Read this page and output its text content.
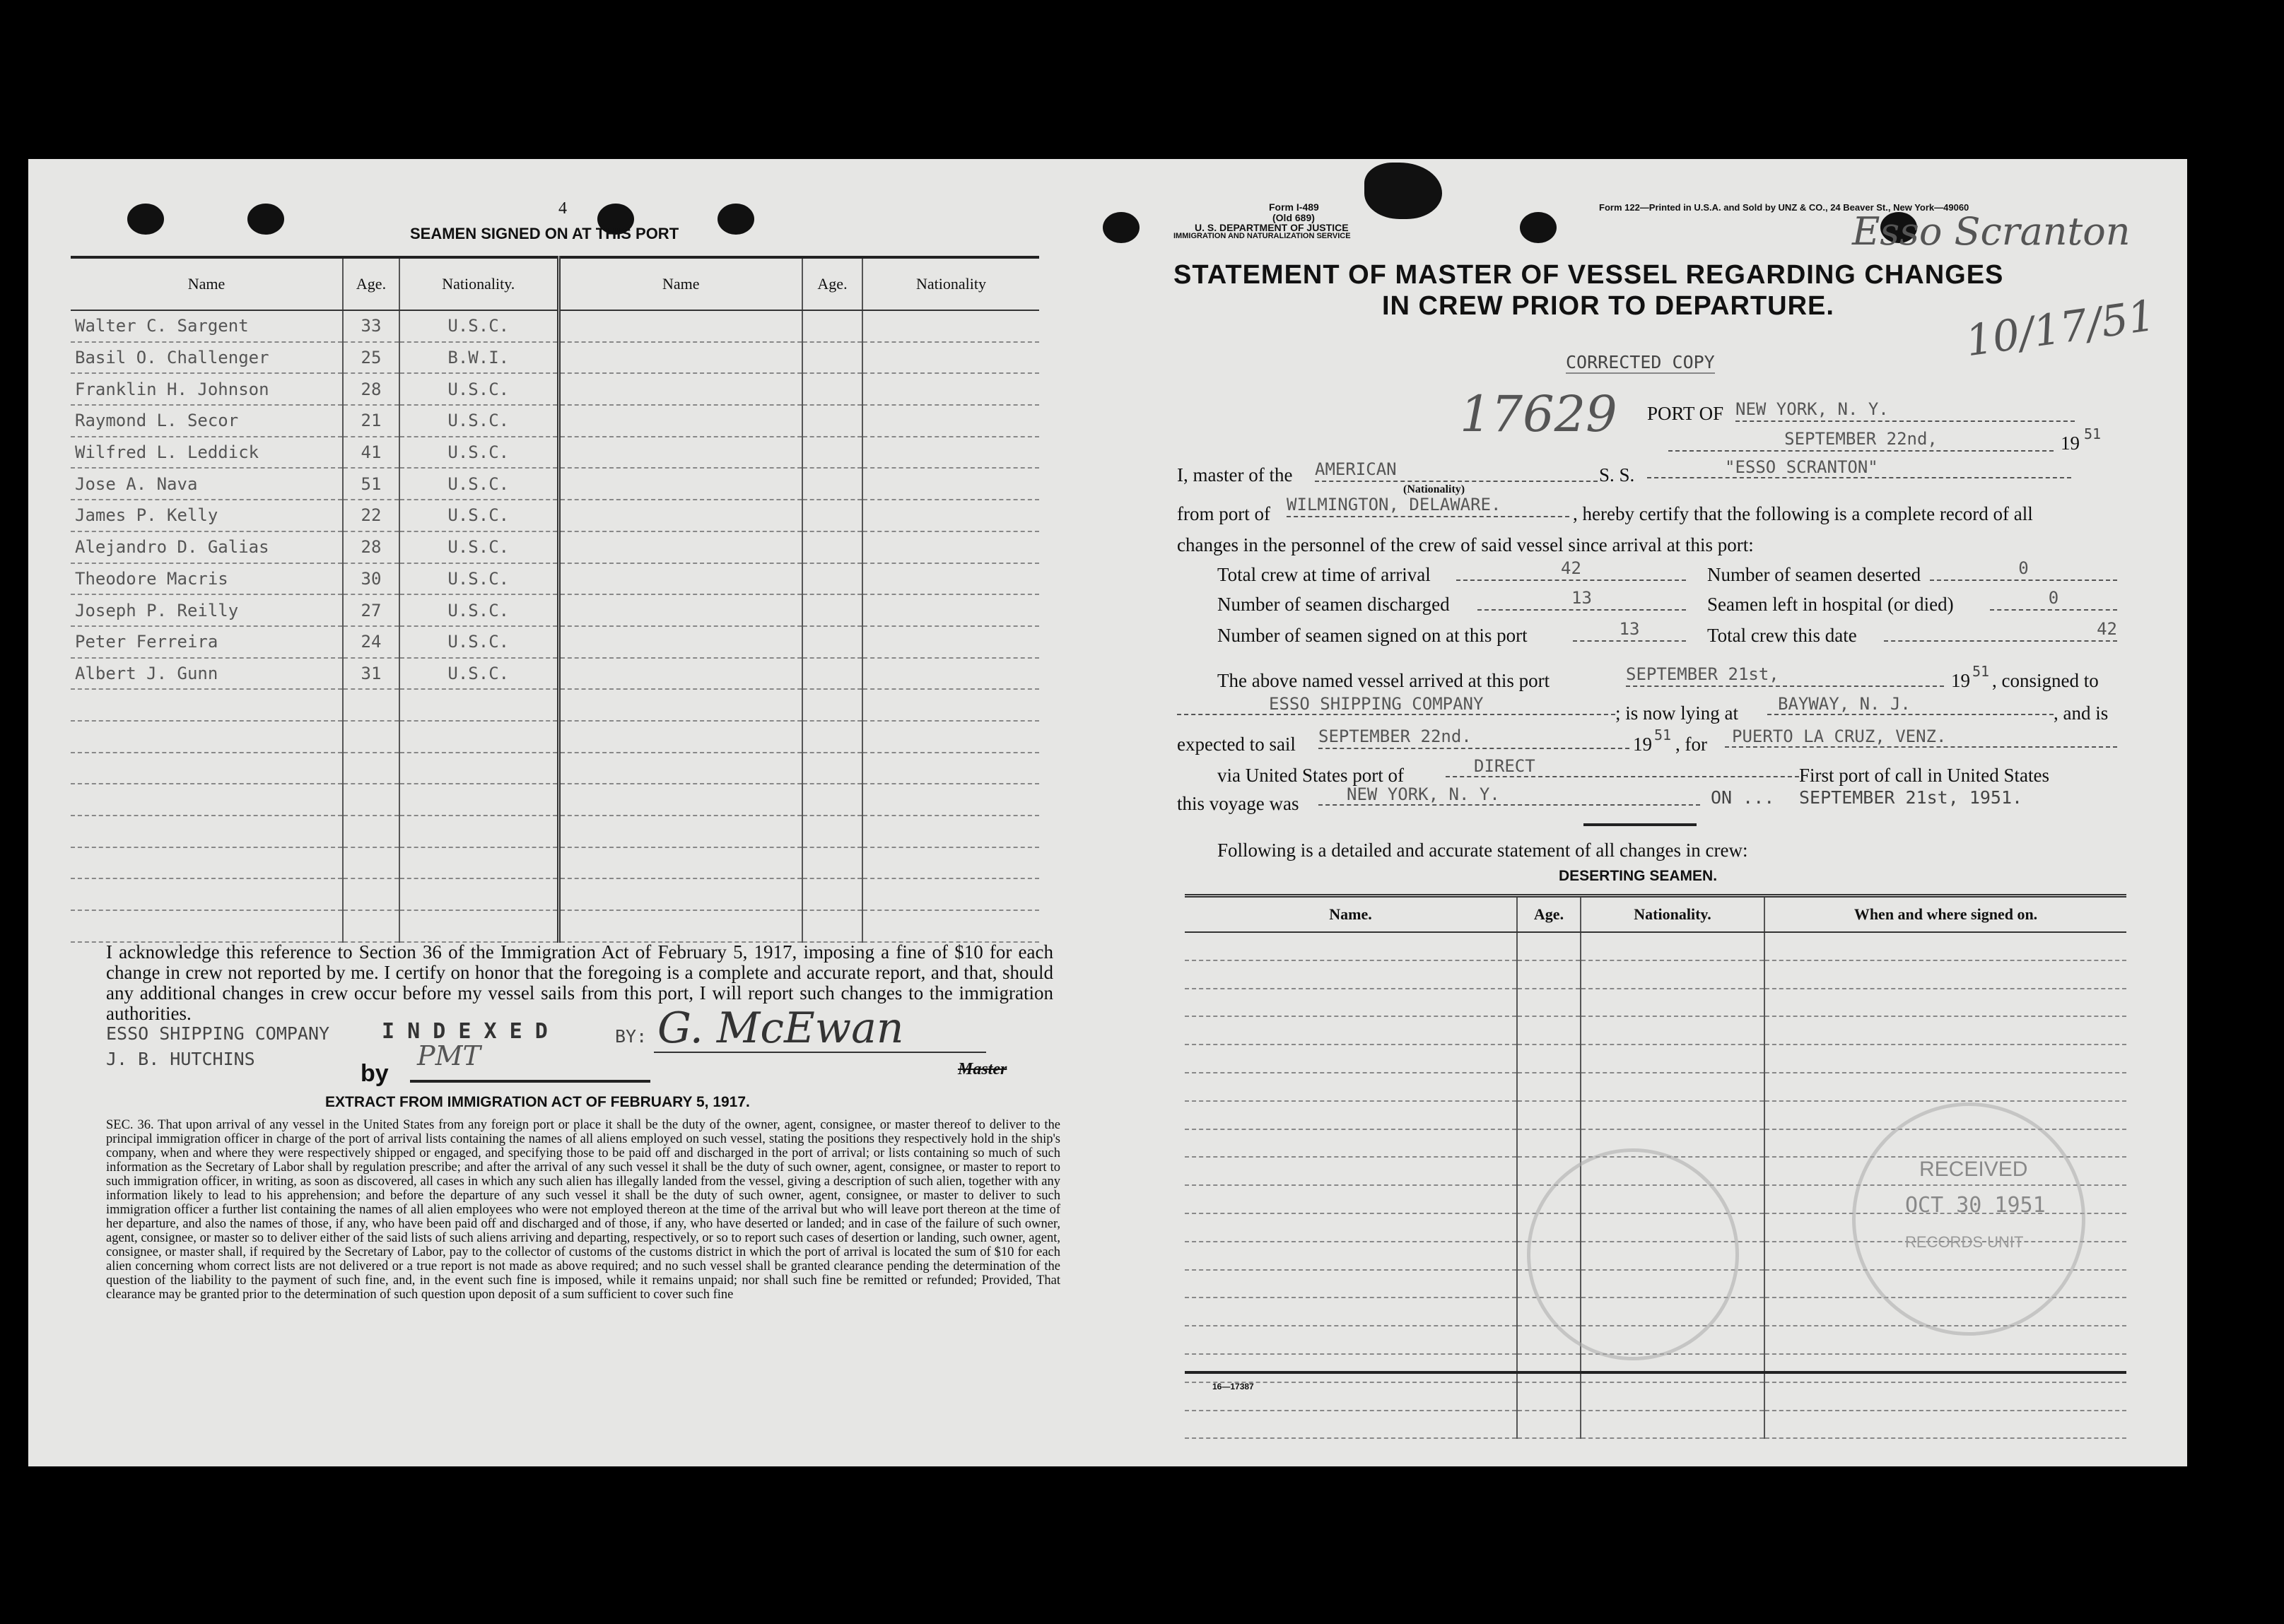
4
SEAMEN SIGNED ON AT THIS PORT
Name	Age.	Nationality.	Name	Age.	Nationality
Walter C. Sargent	33	U.S.C.			
Basil O. Challenger	25	B.W.I.			
Franklin H. Johnson	28	U.S.C.			
Raymond L. Secor	21	U.S.C.			
Wilfred L. Leddick	41	U.S.C.			
Jose A. Nava	51	U.S.C.			
James P. Kelly	22	U.S.C.			
Alejandro D. Galias	28	U.S.C.			
Theodore Macris	30	U.S.C.			
Joseph P. Reilly	27	U.S.C.			
Peter Ferreira	24	U.S.C.			
Albert J. Gunn	31	U.S.C.			

I acknowledge this reference to Section 36 of the Immigration Act of February 5, 1917, imposing a fine of $10 for each change in crew not reported by me. I certify on honor that the foregoing is a complete and accurate report, and that, should any additional changes in crew occur before my vessel sails from this port, I will report such changes to the immigration authorities.
ESSO SHIPPING COMPANY I N D E X E D	BY: G. McEwan
J. B. HUTCHINS
by
PMT	Master
EXTRACT FROM IMMIGRATION ACT OF FEBRUARY 5, 1917.
SEC. 36. That upon arrival of any vessel in the United States from any foreign port or place it shall be the duty of the owner, agent, consignee, or master thereof to deliver to the principal immigration officer in charge of the port of arrival lists containing the names of all aliens employed on such vessel, stating the positions they respectively hold in the ship's company, when and where they were respectively shipped or engaged, and specifying those to be paid off and discharged in the port of arrival; or lists containing so much of such information as the Secretary of Labor shall by regulation prescribe; and after the arrival of any such vessel it shall be the duty of such owner, agent, consignee, or master to report to such immigration officer, in writing, as soon as discovered, all cases in which any such alien has illegally landed from the vessel, giving a description of such alien, together with any information likely to lead to his apprehension; and before the departure of any such vessel it shall be the duty of such owner, agent, consignee, or master to deliver to such immigration officer a further list containing the names of all alien employees who were not employed thereon at the time of the arrival but who will leave port thereon at the time of her departure, and also the names of those, if any, who have been paid off and discharged and of those, if any, who have deserted or landed; and in case of the failure of such owner, agent, consignee, or master so to deliver either of the said lists of such aliens arriving and departing, respectively, or so to report such cases of desertion or landing, such owner, agent, consignee, or master shall, if required by the Secretary of Labor, pay to the collector of customs of the customs district in which the port of arrival is located the sum of $10 for each alien concerning whom correct lists are not delivered or a true report is not made as above required; and no such vessel shall be granted clearance pending the determination of the question of the liability to the payment of such fine, and, in the event such fine is imposed, while it remains unpaid; nor shall such fine be remitted or refunded; Provided, That clearance may be granted prior to the determination of such question upon deposit of a sum sufficient to cover such fine
Form I-489
(Old 689)
U. S. DEPARTMENT OF JUSTICE
IMMIGRATION AND NATURALIZATION SERVICE
Form 122—Printed in U.S.A. and Sold by UNZ & CO., 24 Beaver St., New York—49060
Esso Scranton
10/17/51
STATEMENT OF MASTER OF VESSEL REGARDING CHANGES
IN CREW PRIOR TO DEPARTURE.
CORRECTED COPY
17629 PORT OF NEW YORK, N. Y.
SEPTEMBER 22nd,	19 51
I, master of the AMERICAN
(Nationality)
S. S.	"ESSO SCRANTON"
from port of WILMINGTON, DELAWARE.	, hereby certify that the following is a complete record of all
changes in the personnel of the crew of said vessel since arrival at this port:
Total crew at time of arrival	42
Number of seamen discharged	13
Number of seamen signed on at this port	13
Number of seamen deserted	0
Seamen left in hospital (or died)	0
Total crew this date	42
The above named vessel arrived at this port	SEPTEMBER 21st,	19 51 , consigned to
ESSO SHIPPING COMPANY	; is now lying at	BAYWAY, N. J.	, and is
expected to sail SEPTEMBER 22nd.	19 51 , for	PUERTO LA CRUZ, VENZ.
via United States port of	DIRECT	First port of call in United States
this voyage was	NEW YORK, N. Y.	ON ... SEPTEMBER 21st, 1951.
Following is a detailed and accurate statement of all changes in crew:
DESERTING SEAMEN.
Name.	Age.	Nationality.	When and where signed on.

16—17387
RECEIVED
OCT 30 1951
RECORDS UNIT
